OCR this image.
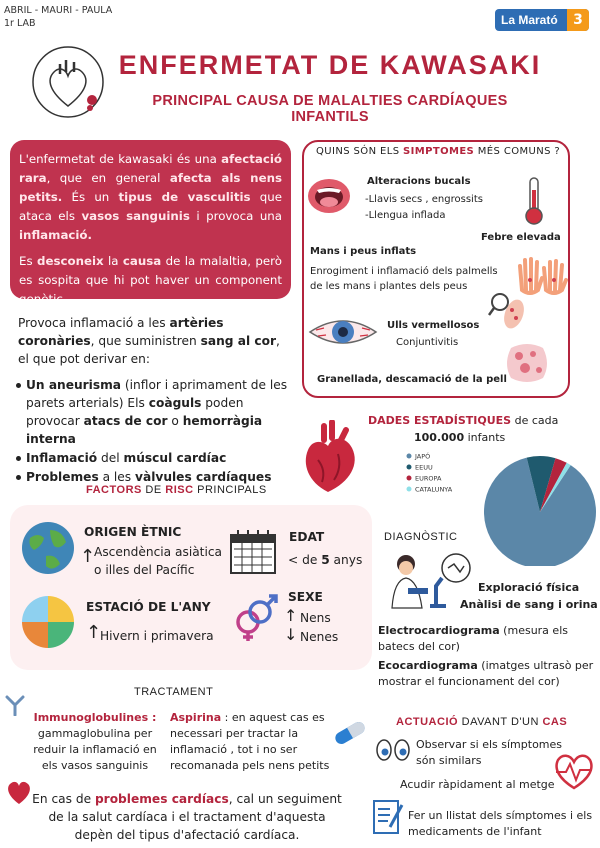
ABRIL - MAURI - PAULA
1r LAB	La Marató	3
ENFERMETAT DE KAWASAKI
PRINCIPAL CAUSA DE MALALTIES CARDÍAQUES INFANTILS

L'enfermetat de kawasaki és una afectació rara, que en general afecta als nens petits. És un tipus de vasculitis que ataca els vasos sanguinis i provoca una inflamació.

Es desconeix la causa de la malaltia, però es sospita que hi pot haver un component genètic.

QUINS SÓN ELS SIMPTOMES MÉS COMUNS ?
Alteracions bucals
-Llavis secs , engrossits
-Llengua inflada
Febre elevada
Mans i peus inflats
Enrogiment i inflamació dels palmells de les mans i plantes dels peus
Ulls vermellosos
Conjuntivitis
Granellada, descamació de la pell
Provoca inflamació a les artèries coronàries, que suministren sang al cor, el que pot derivar en:
Un aneurisma (inflor i aprimament de les parets arterials) Els coàguls poden provocar atacs de cor o hemorràgia interna
Inflamació del múscul cardíac
Problemes a les vàlvules cardíaques
DADES ESTADÍSTIQUES de cada
100.000 infants
JAPÓ
EEUU
EUROPA
CATALUNYA
FACTORS DE RISC PRINCIPALS
ORIGEN ÈTNIC
↑
Ascendència asiàtica o illes del Pacífic
EDAT
< de 5 anys
ESTACIÓ DE L'ANY
↑
Hivern i primavera
SEXE
↑ Nens
↓ Nenes
DIAGNÒSTIC
Exploració física
Anàlisi de sang i orina
Electrocardiograma (mesura els batecs del cor)
Ecocardiograma (imatges ultrasò per mostrar el funcionament del cor)
TRACTAMENT
Immunoglobulines :
gammaglobulina per reduir la inflamació en els vasos sanguinis
Aspirina : en aquest cas es necessari per tractar la inflamació , tot i no ser recomanada pels nens petits
En cas de problemes cardíacs, cal un seguiment de la salut cardíaca i el tractament d'aquesta depèn del tipus d'afectació cardíaca.
ACTUACIÓ DAVANT D'UN CAS
Observar si els símptomes són similars
Acudir ràpidament al metge
Fer un llistat dels símptomes i els medicaments de l'infant
